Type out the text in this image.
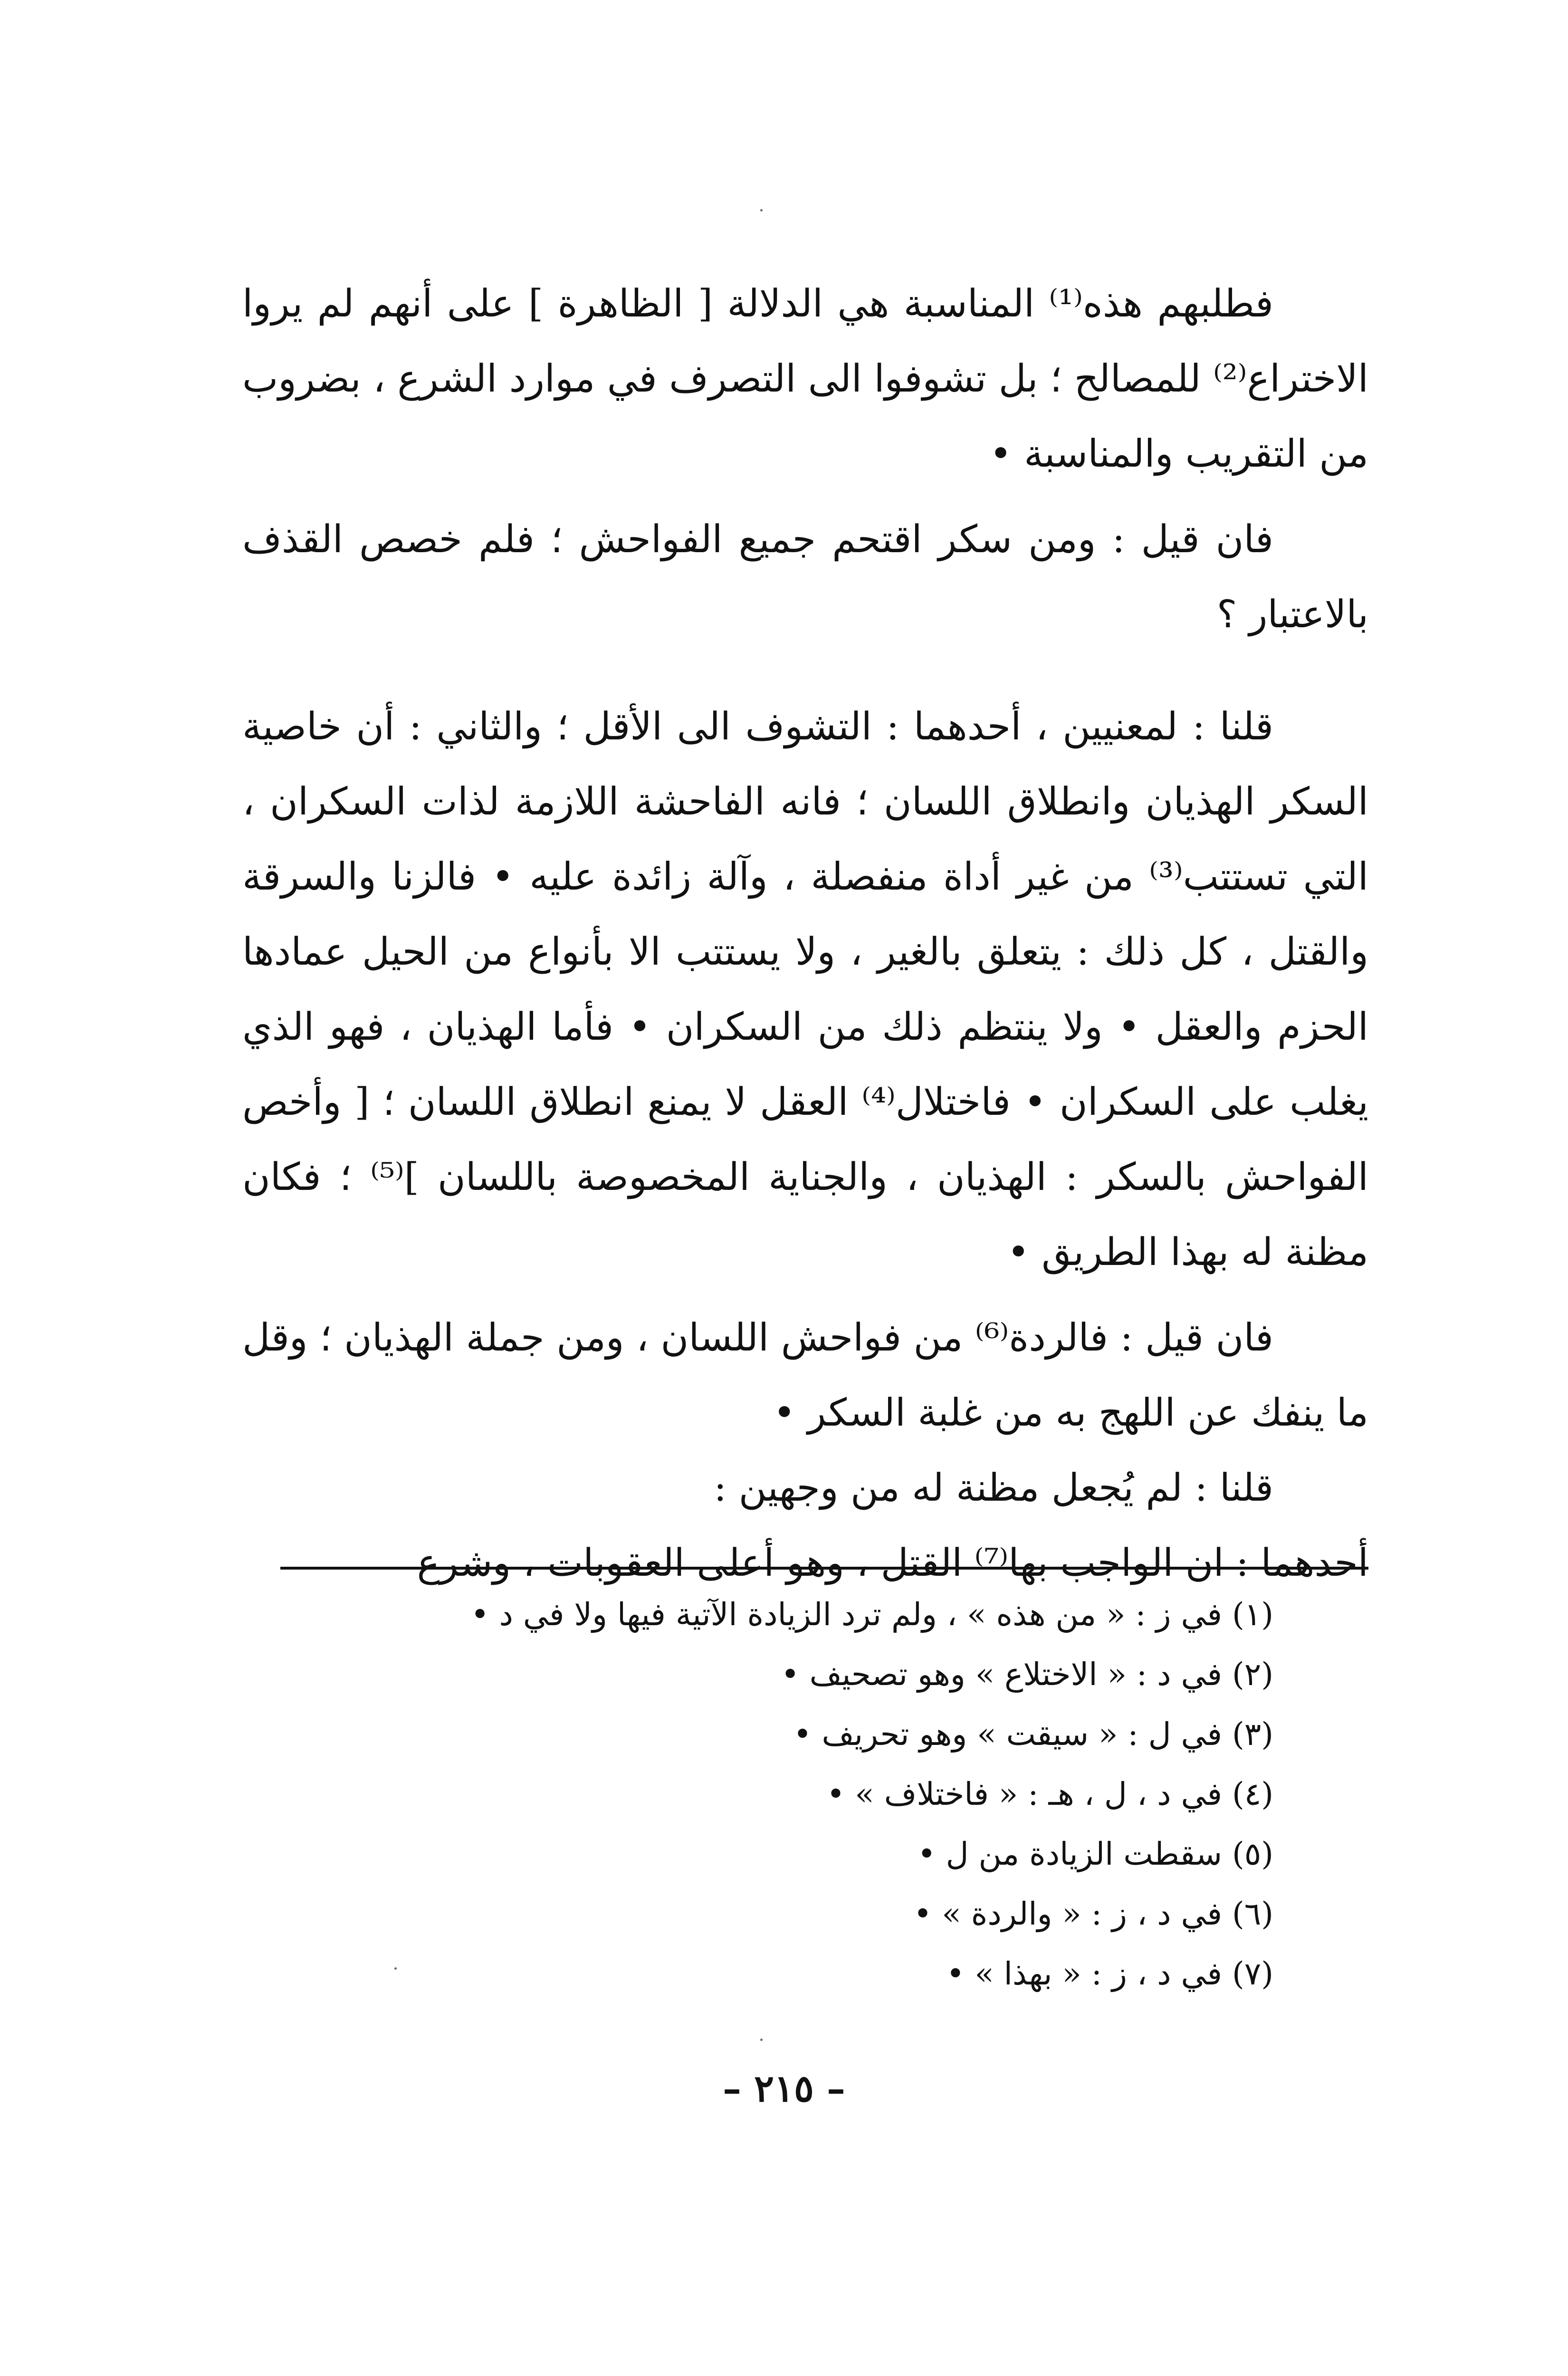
فطلبهم هذه⁽¹⁾ المناسبة هي الدلالة [ الظاهرة ] على أنهم لم يروا الاختراع⁽²⁾ للمصالح ؛ بل تشوفوا الى التصرف في موارد الشرع ، بضروب من التقريب والمناسبة •

فان قيل : ومن سكر اقتحم جميع الفواحش ؛ فلم خصص القذف بالاعتبار ؟

قلنا : لمعنيين ، أحدهما : التشوف الى الأقل ؛ والثاني : أن خاصية السكر الهذيان وانطلاق اللسان ؛ فانه الفاحشة اللازمة لذات السكران ، التي تستتب⁽³⁾ من غير أداة منفصلة ، وآلة زائدة عليه • فالزنا والسرقة والقتل ، كل ذلك : يتعلق بالغير ، ولا يستتب الا بأنواع من الحيل عمادها الحزم والعقل • ولا ينتظم ذلك من السكران • فأما الهذيان ، فهو الذي يغلب على السكران • فاختلال⁽⁴⁾ العقل لا يمنع انطلاق اللسان ؛ [ وأخص الفواحش بالسكر : الهذيان ، والجناية المخصوصة باللسان ]⁽⁵⁾ ؛ فكان مظنة له بهذا الطريق •

فان قيل : فالردة⁽⁶⁾ من فواحش اللسان ، ومن جملة الهذيان ؛ وقل ما ينفك عن اللهج به من غلبة السكر •

قلنا : لم يُجعل مظنة له من وجهين :

أحدهما : ان الواجب بها⁽⁷⁾ القتل ، وهو أعلى العقوبات ، وشرع

(١) في ز : « من هذه » ، ولم ترد الزيادة الآتية فيها ولا في د •
(٢) في د : « الاختلاع » وهو تصحيف •
(٣) في ل : « سيقت » وهو تحريف •
(٤) في د ، ل ، هـ : « فاختلاف » •
(٥) سقطت الزيادة من ل •
(٦) في د ، ز : « والردة » •
(٧) في د ، ز : « بهذا » •
– ٢١٥ –
